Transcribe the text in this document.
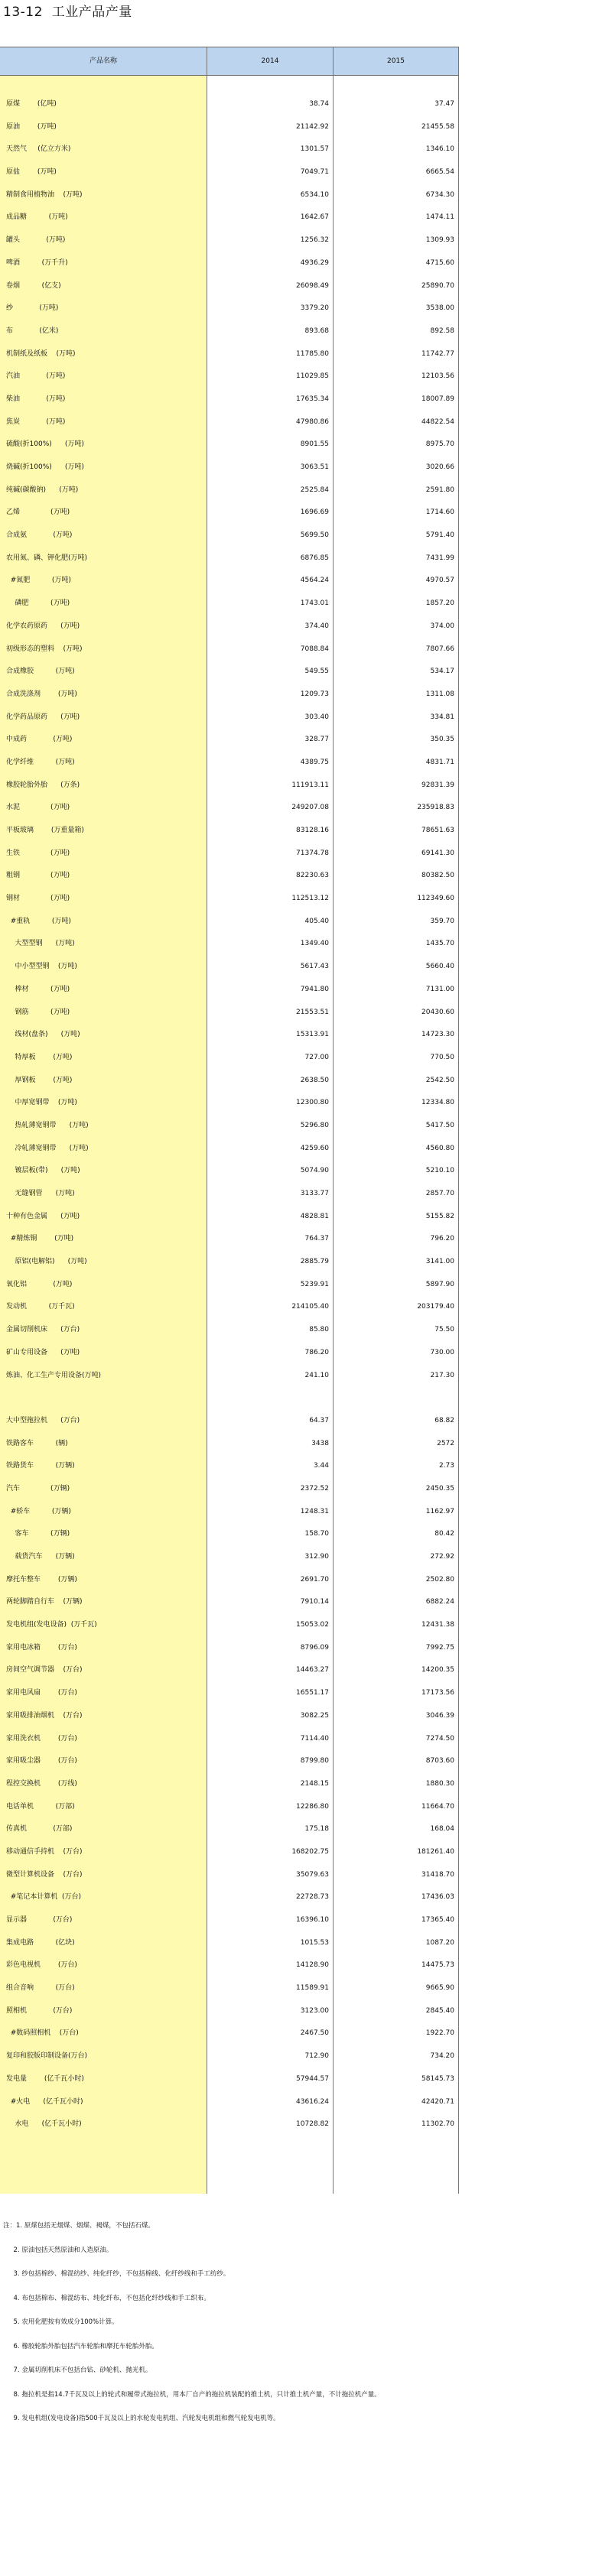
13-12  工业产品产量
产品名称	2014	2015
原煤        (亿吨)	38.74	37.47
原油        (万吨)	21142.92	21455.58
天然气     (亿立方米)	1301.57	1346.10
原盐        (万吨)	7049.71	6665.54
精制食用植物油    (万吨)	6534.10	6734.30
成品糖          (万吨)	1642.67	1474.11
罐头            (万吨)	1256.32	1309.93
啤酒          (万千升)	4936.29	4715.60
卷烟          (亿支)	26098.49	25890.70
纱            (万吨)	3379.20	3538.00
布            (亿米)	893.68	892.58
机制纸及纸板    (万吨)	11785.80	11742.77
汽油            (万吨)	11029.85	12103.56
柴油            (万吨)	17635.34	18007.89
焦炭            (万吨)	47980.86	44822.54
硫酸(折100%)      (万吨)	8901.55	8975.70
烧碱(折100%)      (万吨)	3063.51	3020.66
纯碱(碳酸钠)      (万吨)	2525.84	2591.80
乙烯              (万吨)	1696.69	1714.60
合成氨            (万吨)	5699.50	5791.40
农用氮、磷、钾化肥(万吨)	6876.85	7431.99
#氮肥          (万吨)	4564.24	4970.57
磷肥          (万吨)	1743.01	1857.20
化学农药原药      (万吨)	374.40	374.00
初级形态的塑料    (万吨)	7088.84	7807.66
合成橡胶          (万吨)	549.55	534.17
合成洗涤剂        (万吨)	1209.73	1311.08
化学药品原药      (万吨)	303.40	334.81
中成药            (万吨)	328.77	350.35
化学纤维          (万吨)	4389.75	4831.71
橡胶轮胎外胎      (万条)	111913.11	92831.39
水泥              (万吨)	249207.08	235918.83
平板玻璃        (万重量箱)	83128.16	78651.63
生铁              (万吨)	71374.78	69141.30
粗钢              (万吨)	82230.63	80382.50
钢材              (万吨)	112513.12	112349.60
#重轨          (万吨)	405.40	359.70
大型型钢      (万吨)	1349.40	1435.70
中小型型钢    (万吨)	5617.43	5660.40
棒材          (万吨)	7941.80	7131.00
钢筋          (万吨)	21553.51	20430.60
线材(盘条)      (万吨)	15313.91	14723.30
特厚板        (万吨)	727.00	770.50
厚钢板        (万吨)	2638.50	2542.50
中厚宽钢带    (万吨)	12300.80	12334.80
热轧薄宽钢带      (万吨)	5296.80	5417.50
冷轧薄宽钢带      (万吨)	4259.60	4560.80
镀层板(带)      (万吨)	5074.90	5210.10
无缝钢管      (万吨)	3133.77	2857.70
十种有色金属      (万吨)	4828.81	5155.82
#精炼铜        (万吨)	764.37	796.20
原铝(电解铝)      (万吨)	2885.79	3141.00
氧化铝            (万吨)	5239.91	5897.90
发动机          (万千瓦)	214105.40	203179.40
金属切削机床      (万台)	85.80	75.50
矿山专用设备      (万吨)	786.20	730.00
炼油、化工生产专用设备(万吨)	241.10	217.30
大中型拖拉机      (万台)	64.37	68.82
铁路客车          (辆)	3438	2572
铁路货车          (万辆)	3.44	2.73
汽车              (万辆)	2372.52	2450.35
#轿车          (万辆)	1248.31	1162.97
客车          (万辆)	158.70	80.42
载货汽车      (万辆)	312.90	272.92
摩托车整车        (万辆)	2691.70	2502.80
两轮脚踏自行车    (万辆)	7910.14	6882.24
发电机组(发电设备)  (万千瓦)	15053.02	12431.38
家用电冰箱        (万台)	8796.09	7992.75
房间空气调节器    (万台)	14463.27	14200.35
家用电风扇        (万台)	16551.17	17173.56
家用吸排油烟机    (万台)	3082.25	3046.39
家用洗衣机        (万台)	7114.40	7274.50
家用吸尘器        (万台)	8799.80	8703.60
程控交换机        (万线)	2148.15	1880.30
电话单机          (万部)	12286.80	11664.70
传真机            (万部)	175.18	168.04
移动通信手持机    (万台)	168202.75	181261.40
微型计算机设备    (万台)	35079.63	31418.70
#笔记本计算机  (万台)	22728.73	17436.03
显示器            (万台)	16396.10	17365.40
集成电路          (亿块)	1015.53	1087.20
彩色电视机        (万台)	14128.90	14475.73
组合音响          (万台)	11589.91	9665.90
照相机            (万台)	3123.00	2845.40
#数码照相机    (万台)	2467.50	1922.70
复印和胶版印制设备(万台)	712.90	734.20
发电量        (亿千瓦小时)	57944.57	58145.73
#火电      (亿千瓦小时)	43616.24	42420.71
水电      (亿千瓦小时)	10728.82	11302.70
注：1. 原煤包括无烟煤、烟煤、褐煤，不包括石煤。
2. 原油包括天然原油和人造原油。
3. 纱包括棉纱、棉混纺纱、纯化纤纱，不包括棉线、化纤纱线和手工纺纱。
4. 布包括棉布、棉混纺布、纯化纤布，不包括化纤纱线和手工织布。
5. 农用化肥按有效成分100%计算。
6. 橡胶轮胎外胎包括汽车轮胎和摩托车轮胎外胎。
7. 金属切削机床不包括台钻、砂轮机、抛光机。
8. 拖拉机是指14.7千瓦及以上的轮式和履带式拖拉机，用本厂自产的拖拉机装配的推土机，只计推土机产量，不计拖拉机产量。
9. 发电机组(发电设备)指500千瓦及以上的水轮发电机组、汽轮发电机组和燃气轮发电机等。
